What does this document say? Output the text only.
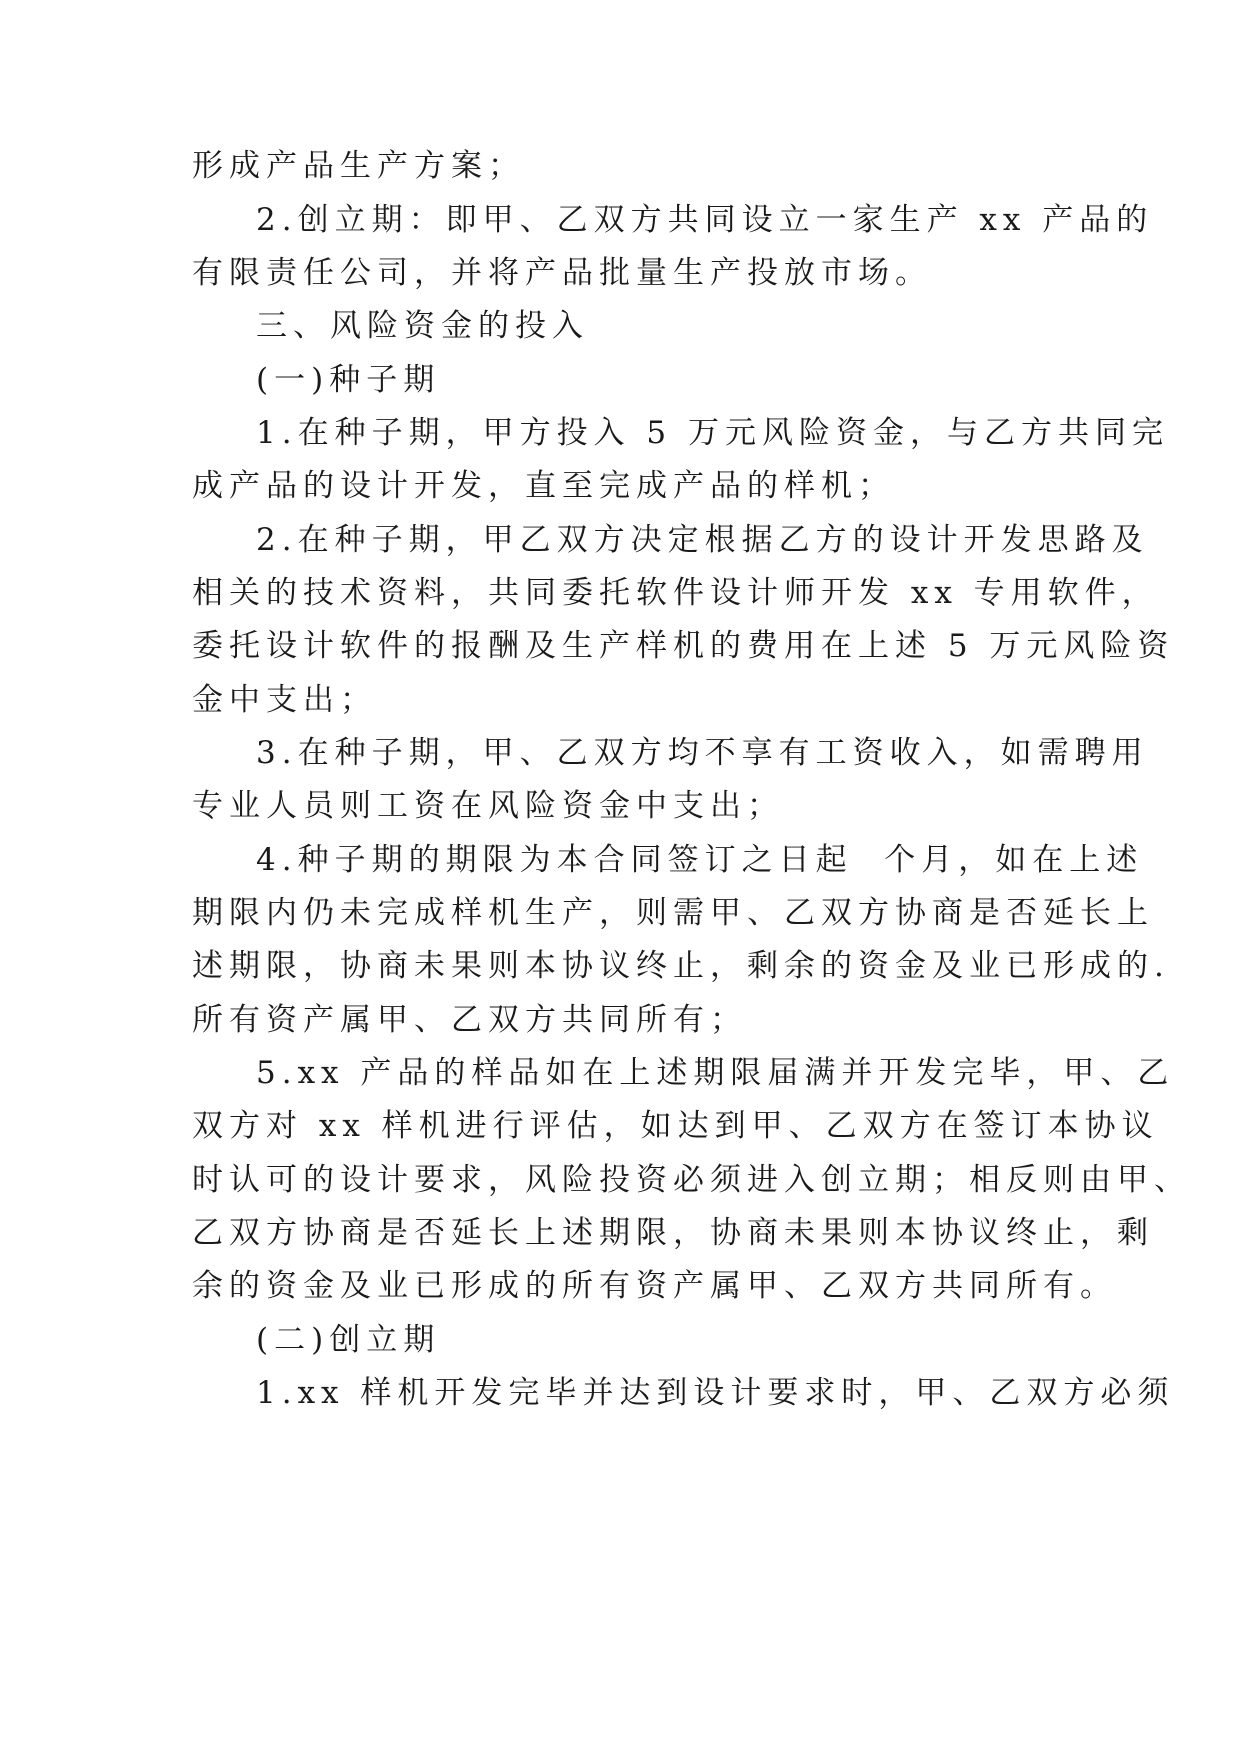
形成产品生产方案；
2.创立期：即甲、乙双方共同设立一家生产 xx 产品的
有限责任公司，并将产品批量生产投放市场。
三、风险资金的投入
(一)种子期
1.在种子期，甲方投入 5 万元风险资金，与乙方共同完
成产品的设计开发，直至完成产品的样机；
2.在种子期，甲乙双方决定根据乙方的设计开发思路及
相关的技术资料，共同委托软件设计师开发 xx 专用软件，
委托设计软件的报酬及生产样机的费用在上述 5 万元风险资
金中支出；
3.在种子期，甲、乙双方均不享有工资收入，如需聘用
专业人员则工资在风险资金中支出；
4.种子期的期限为本合同签订之日起  个月，如在上述
期限内仍未完成样机生产，则需甲、乙双方协商是否延长上
述期限，协商未果则本协议终止，剩余的资金及业已形成的.
所有资产属甲、乙双方共同所有；
5.xx 产品的样品如在上述期限届满并开发完毕，甲、乙
双方对 xx 样机进行评估，如达到甲、乙双方在签订本协议
时认可的设计要求，风险投资必须进入创立期；相反则由甲、
乙双方协商是否延长上述期限，协商未果则本协议终止，剩
余的资金及业已形成的所有资产属甲、乙双方共同所有。
(二)创立期
1.xx 样机开发完毕并达到设计要求时，甲、乙双方必须
